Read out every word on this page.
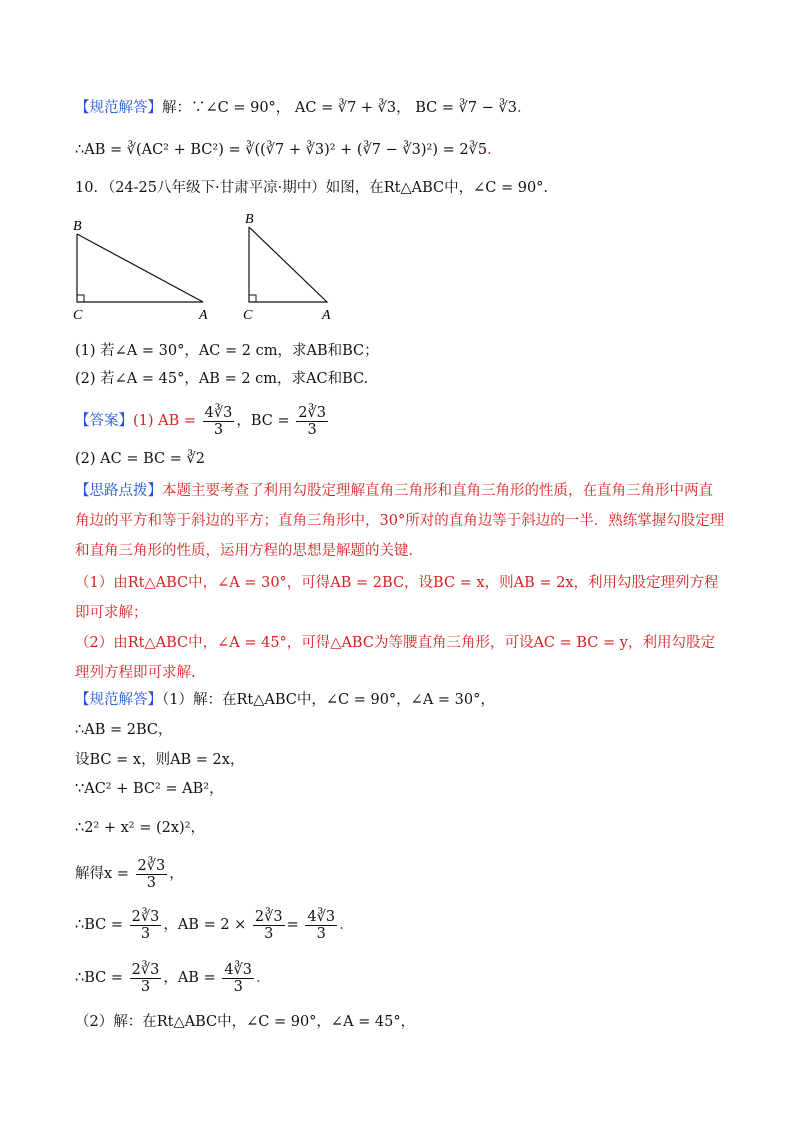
【规范解答】解：∵∠C = 90°， AC = ∛7 + ∛3， BC = ∛7 − ∛3.
∴AB = ∛(AC² + BC²) = ∛((∛7 + ∛3)² + (∛7 − ∛3)²) = 2∛5.
10．（24-25八年级下·甘肃平凉·期中）如图，在Rt△ABC中，∠C = 90°.
B
C	A
B
C	A
(1) 若∠A = 30°，AC = 2 cm，求AB和BC；
(2) 若∠A = 45°，AB = 2 cm，求AC和BC.
【答案】(1) AB = $\frac{4∛3}{3}$ ，BC = $\frac{2∛3}{3}$
(2) AC = BC = ∛2
【思路点拨】本题主要考查了利用勾股定理解直角三角形和直角三角形的性质，在直角三角形中两直角边的平方和等于斜边的平方；直角三角形中，30°所对的直角边等于斜边的一半．熟练掌握勾股定理和直角三角形的性质，运用方程的思想是解题的关键．
（1）由Rt△ABC中，∠A = 30°，可得AB = 2BC，设BC = x，则AB = 2x，利用勾股定理列方程即可求解；
（2）由Rt△ABC中，∠A = 45°，可得△ABC为等腰直角三角形，可设AC = BC = y，利用勾股定理列方程即可求解.
【规范解答】（1）解：在Rt△ABC中，∠C = 90°，∠A = 30°，
∴AB = 2BC，
设BC = x，则AB = 2x，
∵AC² + BC² = AB²，
∴2² + x² = (2x)²，
解得$x = \frac{2∛3}{3}$ ，
∴BC = $\frac{2∛3}{3}$ ，AB = $2 \times \frac{2∛3}{3} = \frac{4∛3}{3}$ .
∴BC = $\frac{2∛3}{3}$ ，AB = $\frac{4∛3}{3}$ .
（2）解：在Rt△ABC中，∠C = 90°，∠A = 45°，
